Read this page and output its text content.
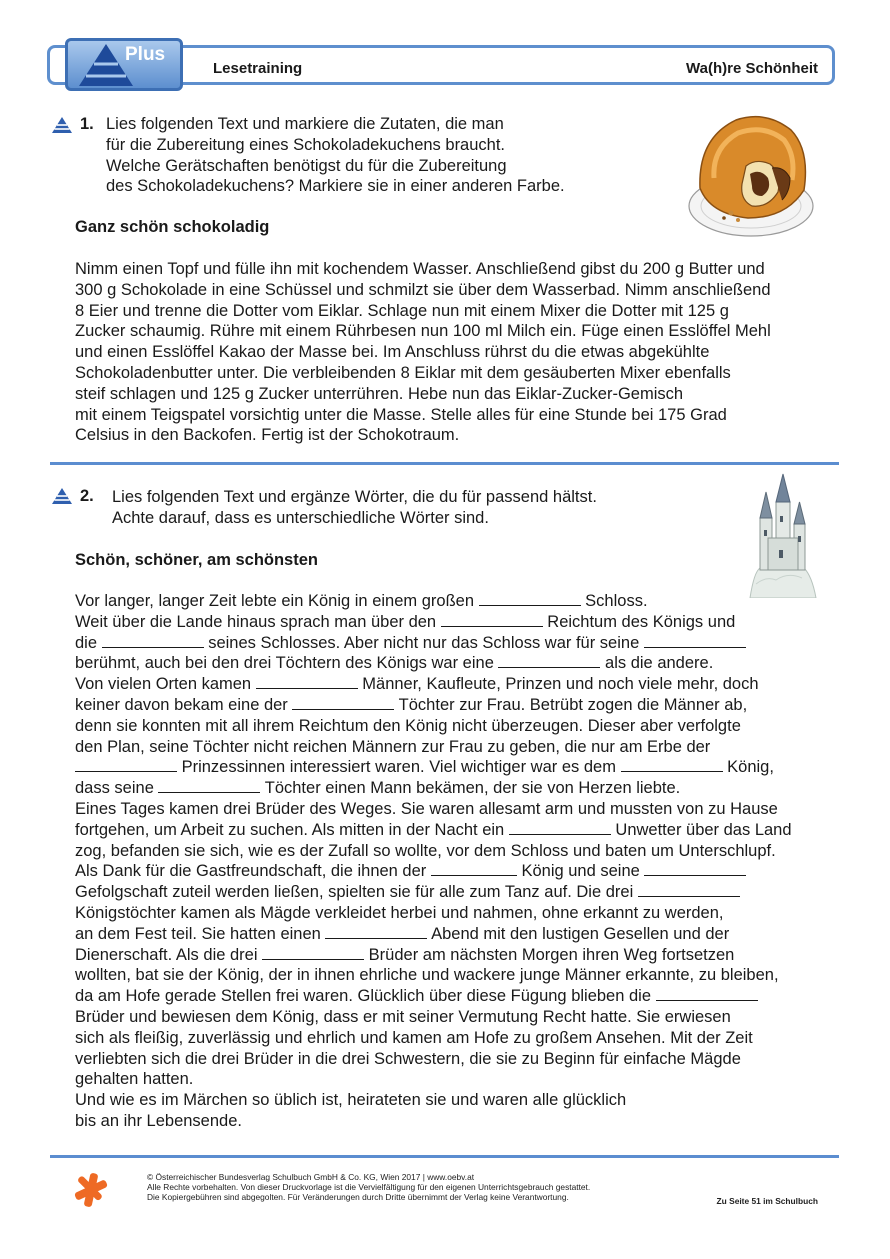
Plus
Lesetraining	Wa(h)re Schönheit
1. Lies folgenden Text und markiere die Zutaten, die man
für die Zubereitung eines Schokoladekuchens braucht.
Welche Gerätschaften benötigst du für die Zubereitung
des Schokoladekuchens? Markiere sie in einer anderen Farbe.
Ganz schön schokoladig
Nimm einen Topf und fülle ihn mit kochendem Wasser. Anschließend gibst du 200 g Butter und
300 g Schokolade in eine Schüssel und schmilzt sie über dem Wasserbad. Nimm anschließend
8 Eier und trenne die Dotter vom Eiklar. Schlage nun mit einem Mixer die Dotter mit 125 g
Zucker schaumig. Rühre mit einem Rührbesen nun 100 ml Milch ein. Füge einen Esslöffel Mehl
und einen Esslöffel Kakao der Masse bei. Im Anschluss rührst du die etwas abgekühlte
Schokoladenbutter unter. Die verbleibenden 8 Eiklar mit dem gesäuberten Mixer ebenfalls
steif schlagen und 125 g Zucker unterrühren. Hebe nun das Eiklar-Zucker-Gemisch
mit einem Teigspatel vorsichtig unter die Masse. Stelle alles für eine Stunde bei 175 Grad
Celsius in den Backofen. Fertig ist der Schokotraum.
2. Lies folgenden Text und ergänze Wörter, die du für passend hältst.
Achte darauf, dass es unterschiedliche Wörter sind.
Schön, schöner, am schönsten
Vor langer, langer Zeit lebte ein König in einem großen	Schloss.
Weit über die Lande hinaus sprach man über den	Reichtum des Königs und
die	seines Schlosses. Aber nicht nur das Schloss war für seine
berühmt, auch bei den drei Töchtern des Königs war eine	als die andere.
Von vielen Orten kamen	Männer, Kaufleute, Prinzen und noch viele mehr, doch
keiner davon bekam eine der	Töchter zur Frau. Betrübt zogen die Männer ab,
denn sie konnten mit all ihrem Reichtum den König nicht überzeugen. Dieser aber verfolgte
den Plan, seine Töchter nicht reichen Männern zur Frau zu geben, die nur am Erbe der
Prinzessinnen interessiert waren. Viel wichtiger war es dem	König,
dass seine	Töchter einen Mann bekämen, der sie von Herzen liebte.
Eines Tages kamen drei Brüder des Weges. Sie waren allesamt arm und mussten von zu Hause
fortgehen, um Arbeit zu suchen. Als mitten in der Nacht ein	Unwetter über das Land
zog, befanden sie sich, wie es der Zufall so wollte, vor dem Schloss und baten um Unterschlupf.
Als Dank für die Gastfreundschaft, die ihnen der	König und seine
Gefolgschaft zuteil werden ließen, spielten sie für alle zum Tanz auf. Die drei
Königstöchter kamen als Mägde verkleidet herbei und nahmen, ohne erkannt zu werden,
an dem Fest teil. Sie hatten einen	Abend mit den lustigen Gesellen und der
Dienerschaft. Als die drei	Brüder am nächsten Morgen ihren Weg fortsetzen
wollten, bat sie der König, der in ihnen ehrliche und wackere junge Männer erkannte, zu bleiben,
da am Hofe gerade Stellen frei waren. Glücklich über diese Fügung blieben die
Brüder und bewiesen dem König, dass er mit seiner Vermutung Recht hatte. Sie erwiesen
sich als fleißig, zuverlässig und ehrlich und kamen am Hofe zu großem Ansehen. Mit der Zeit
verliebten sich die drei Brüder in die drei Schwestern, die sie zu Beginn für einfache Mägde
gehalten hatten.
Und wie es im Märchen so üblich ist, heirateten sie und waren alle glücklich
bis an ihr Lebensende.
© Österreichischer Bundesverlag Schulbuch GmbH & Co. KG, Wien 2017 | www.oebv.at
Alle Rechte vorbehalten. Von dieser Druckvorlage ist die Vervielfältigung für den eigenen Unterrichtsgebrauch gestattet.
Die Kopiergebühren sind abgegolten. Für Veränderungen durch Dritte übernimmt der Verlag keine Verantwortung.	Zu Seite 51 im Schulbuch
